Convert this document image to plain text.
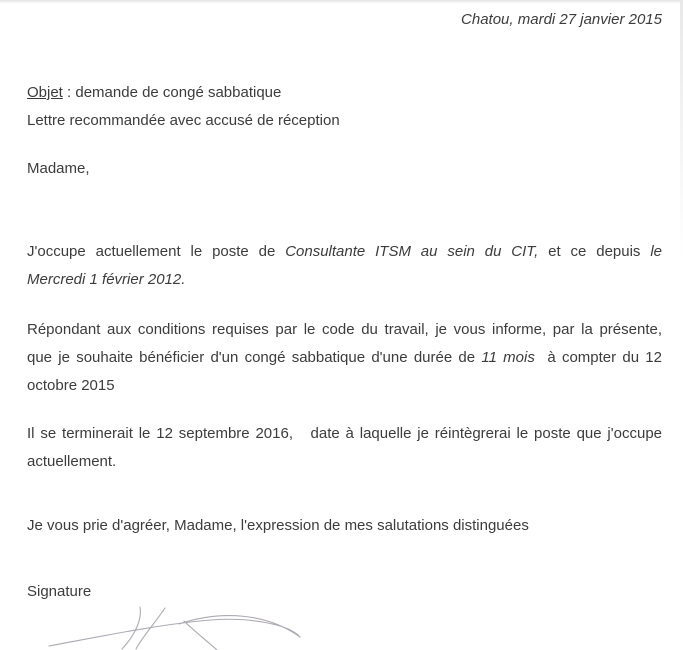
Chatou, mardi 27 janvier 2015
Objet : demande de congé sabbatique
Lettre recommandée avec accusé de réception
Madame,
J'occupe actuellement le poste de Consultante ITSM au sein du CIT, et ce depuis le
Mercredi 1 février 2012.
Répondant aux conditions requises par le code du travail, je vous informe, par la présente,
que je souhaite bénéficier d'un congé sabbatique d'une durée de 11 mois  à compter du 12
octobre 2015
Il se terminerait le 12 septembre 2016,   date à laquelle je réintègrerai le poste que j'occupe
actuellement.
Je vous prie d'agréer, Madame, l'expression de mes salutations distinguées
Signature
